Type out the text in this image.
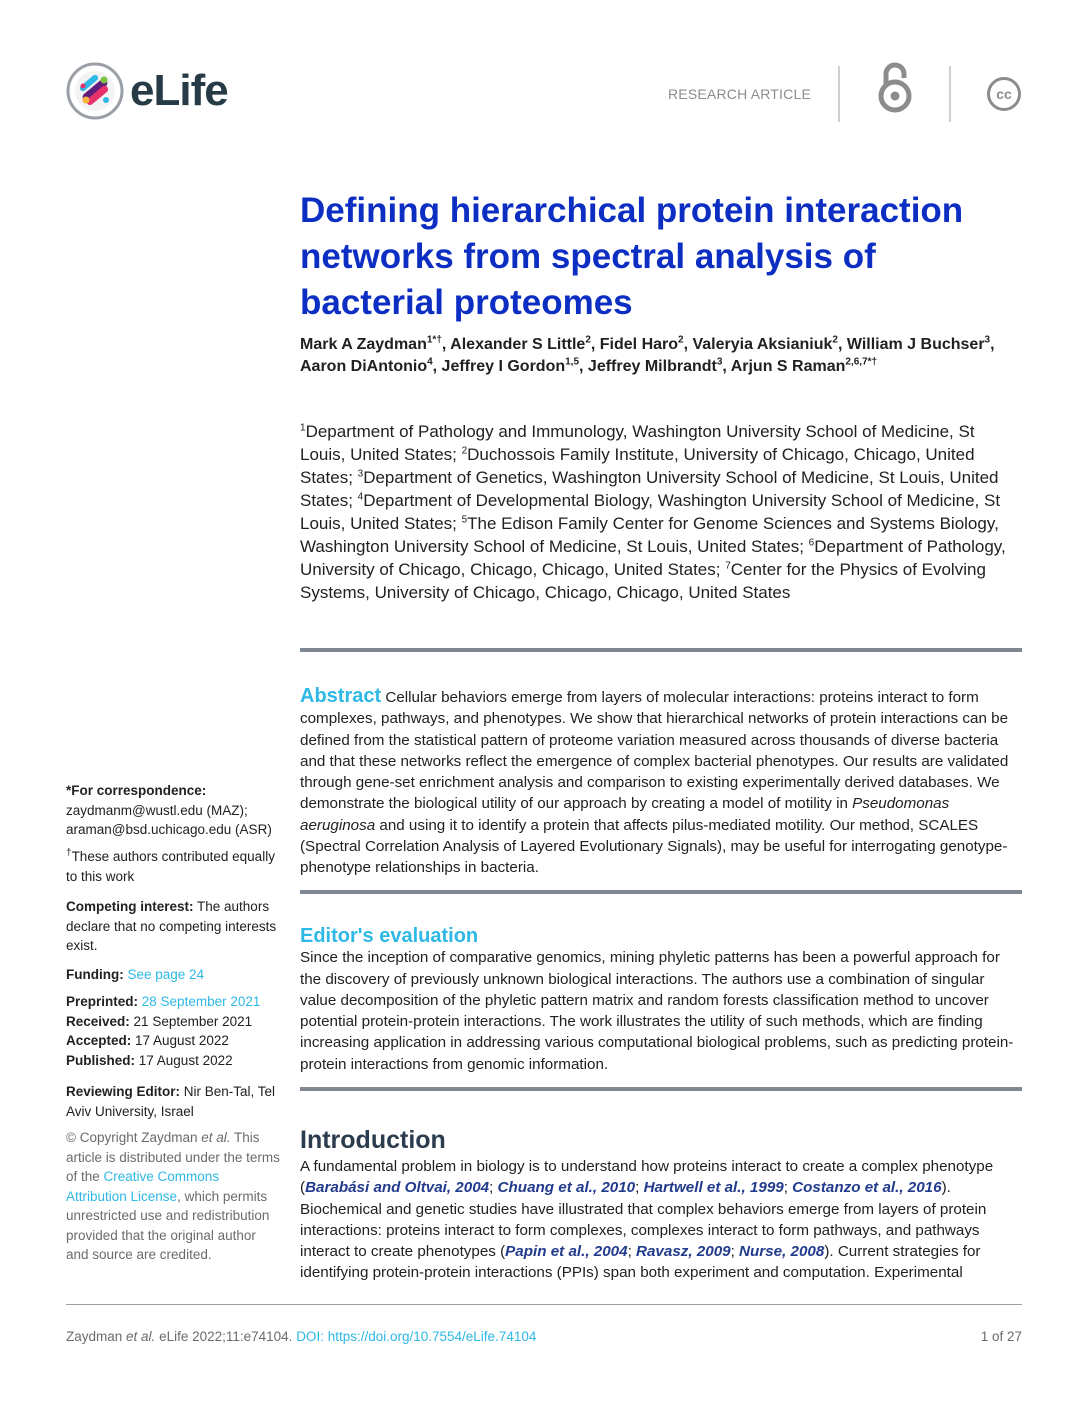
eLife	RESEARCH ARTICLE	cc
Defining hierarchical protein interaction networks from spectral analysis of bacterial proteomes
Mark A Zaydman$^{1*\dagger}$, Alexander S Little$^2$, Fidel Haro$^2$, Valeryia Aksianiuk$^2$, William J Buchser$^3$, Aaron DiAntonio$^4$, Jeffrey I Gordon$^{1,5}$, Jeffrey Milbrandt$^3$, Arjun S Raman$^{2,6,7*\dagger}$
$^1$Department of Pathology and Immunology, Washington University School of Medicine, St Louis, United States; $^2$Duchossois Family Institute, University of Chicago, Chicago, United States; $^3$Department of Genetics, Washington University School of Medicine, St Louis, United States; $^4$Department of Developmental Biology, Washington University School of Medicine, St Louis, United States; $^5$The Edison Family Center for Genome Sciences and Systems Biology, Washington University School of Medicine, St Louis, United States; $^6$Department of Pathology, University of Chicago, Chicago, Chicago, United States; $^7$Center for the Physics of Evolving Systems, University of Chicago, Chicago, Chicago, United States
Abstract Cellular behaviors emerge from layers of molecular interactions: proteins interact to form complexes, pathways, and phenotypes. We show that hierarchical networks of protein interactions can be defined from the statistical pattern of proteome variation measured across thousands of diverse bacteria and that these networks reflect the emergence of complex bacterial phenotypes. Our results are validated through gene-set enrichment analysis and comparison to existing experimentally derived databases. We demonstrate the biological utility of our approach by creating a model of motility in Pseudomonas aeruginosa and using it to identify a protein that affects pilus-mediated motility. Our method, SCALES (Spectral Correlation Analysis of Layered Evolutionary Signals), may be useful for interrogating genotype-phenotype relationships in bacteria.
Editor's evaluation
Since the inception of comparative genomics, mining phyletic patterns has been a powerful approach for the discovery of previously unknown biological interactions. The authors use a combination of singular value decomposition of the phyletic pattern matrix and random forests classification method to uncover potential protein-protein interactions. The work illustrates the utility of such methods, which are finding increasing application in addressing various computational biological problems, such as predicting protein-protein interactions from genomic information.
Introduction
A fundamental problem in biology is to understand how proteins interact to create a complex phenotype (Barabási and Oltvai, 2004; Chuang et al., 2010; Hartwell et al., 1999; Costanzo et al., 2016). Biochemical and genetic studies have illustrated that complex behaviors emerge from layers of protein interactions: proteins interact to form complexes, complexes interact to form pathways, and pathways interact to create phenotypes (Papin et al., 2004; Ravasz, 2009; Nurse, 2008). Current strategies for identifying protein-protein interactions (PPIs) span both experiment and computation. Experimental
*For correspondence:
zaydmanm@wustl.edu (MAZ);
araman@bsd.uchicago.edu (ASR)
†These authors contributed equally to this work
Competing interest: The authors declare that no competing interests exist.
Funding: See page 24
Preprinted: 28 September 2021
Received: 21 September 2021
Accepted: 17 August 2022
Published: 17 August 2022
Reviewing Editor: Nir Ben-Tal, Tel Aviv University, Israel
© Copyright Zaydman et al. This article is distributed under the terms of the Creative Commons Attribution License, which permits unrestricted use and redistribution provided that the original author and source are credited.
Zaydman et al. eLife 2022;11:e74104. DOI: https://doi.org/10.7554/eLife.74104	1 of 27
